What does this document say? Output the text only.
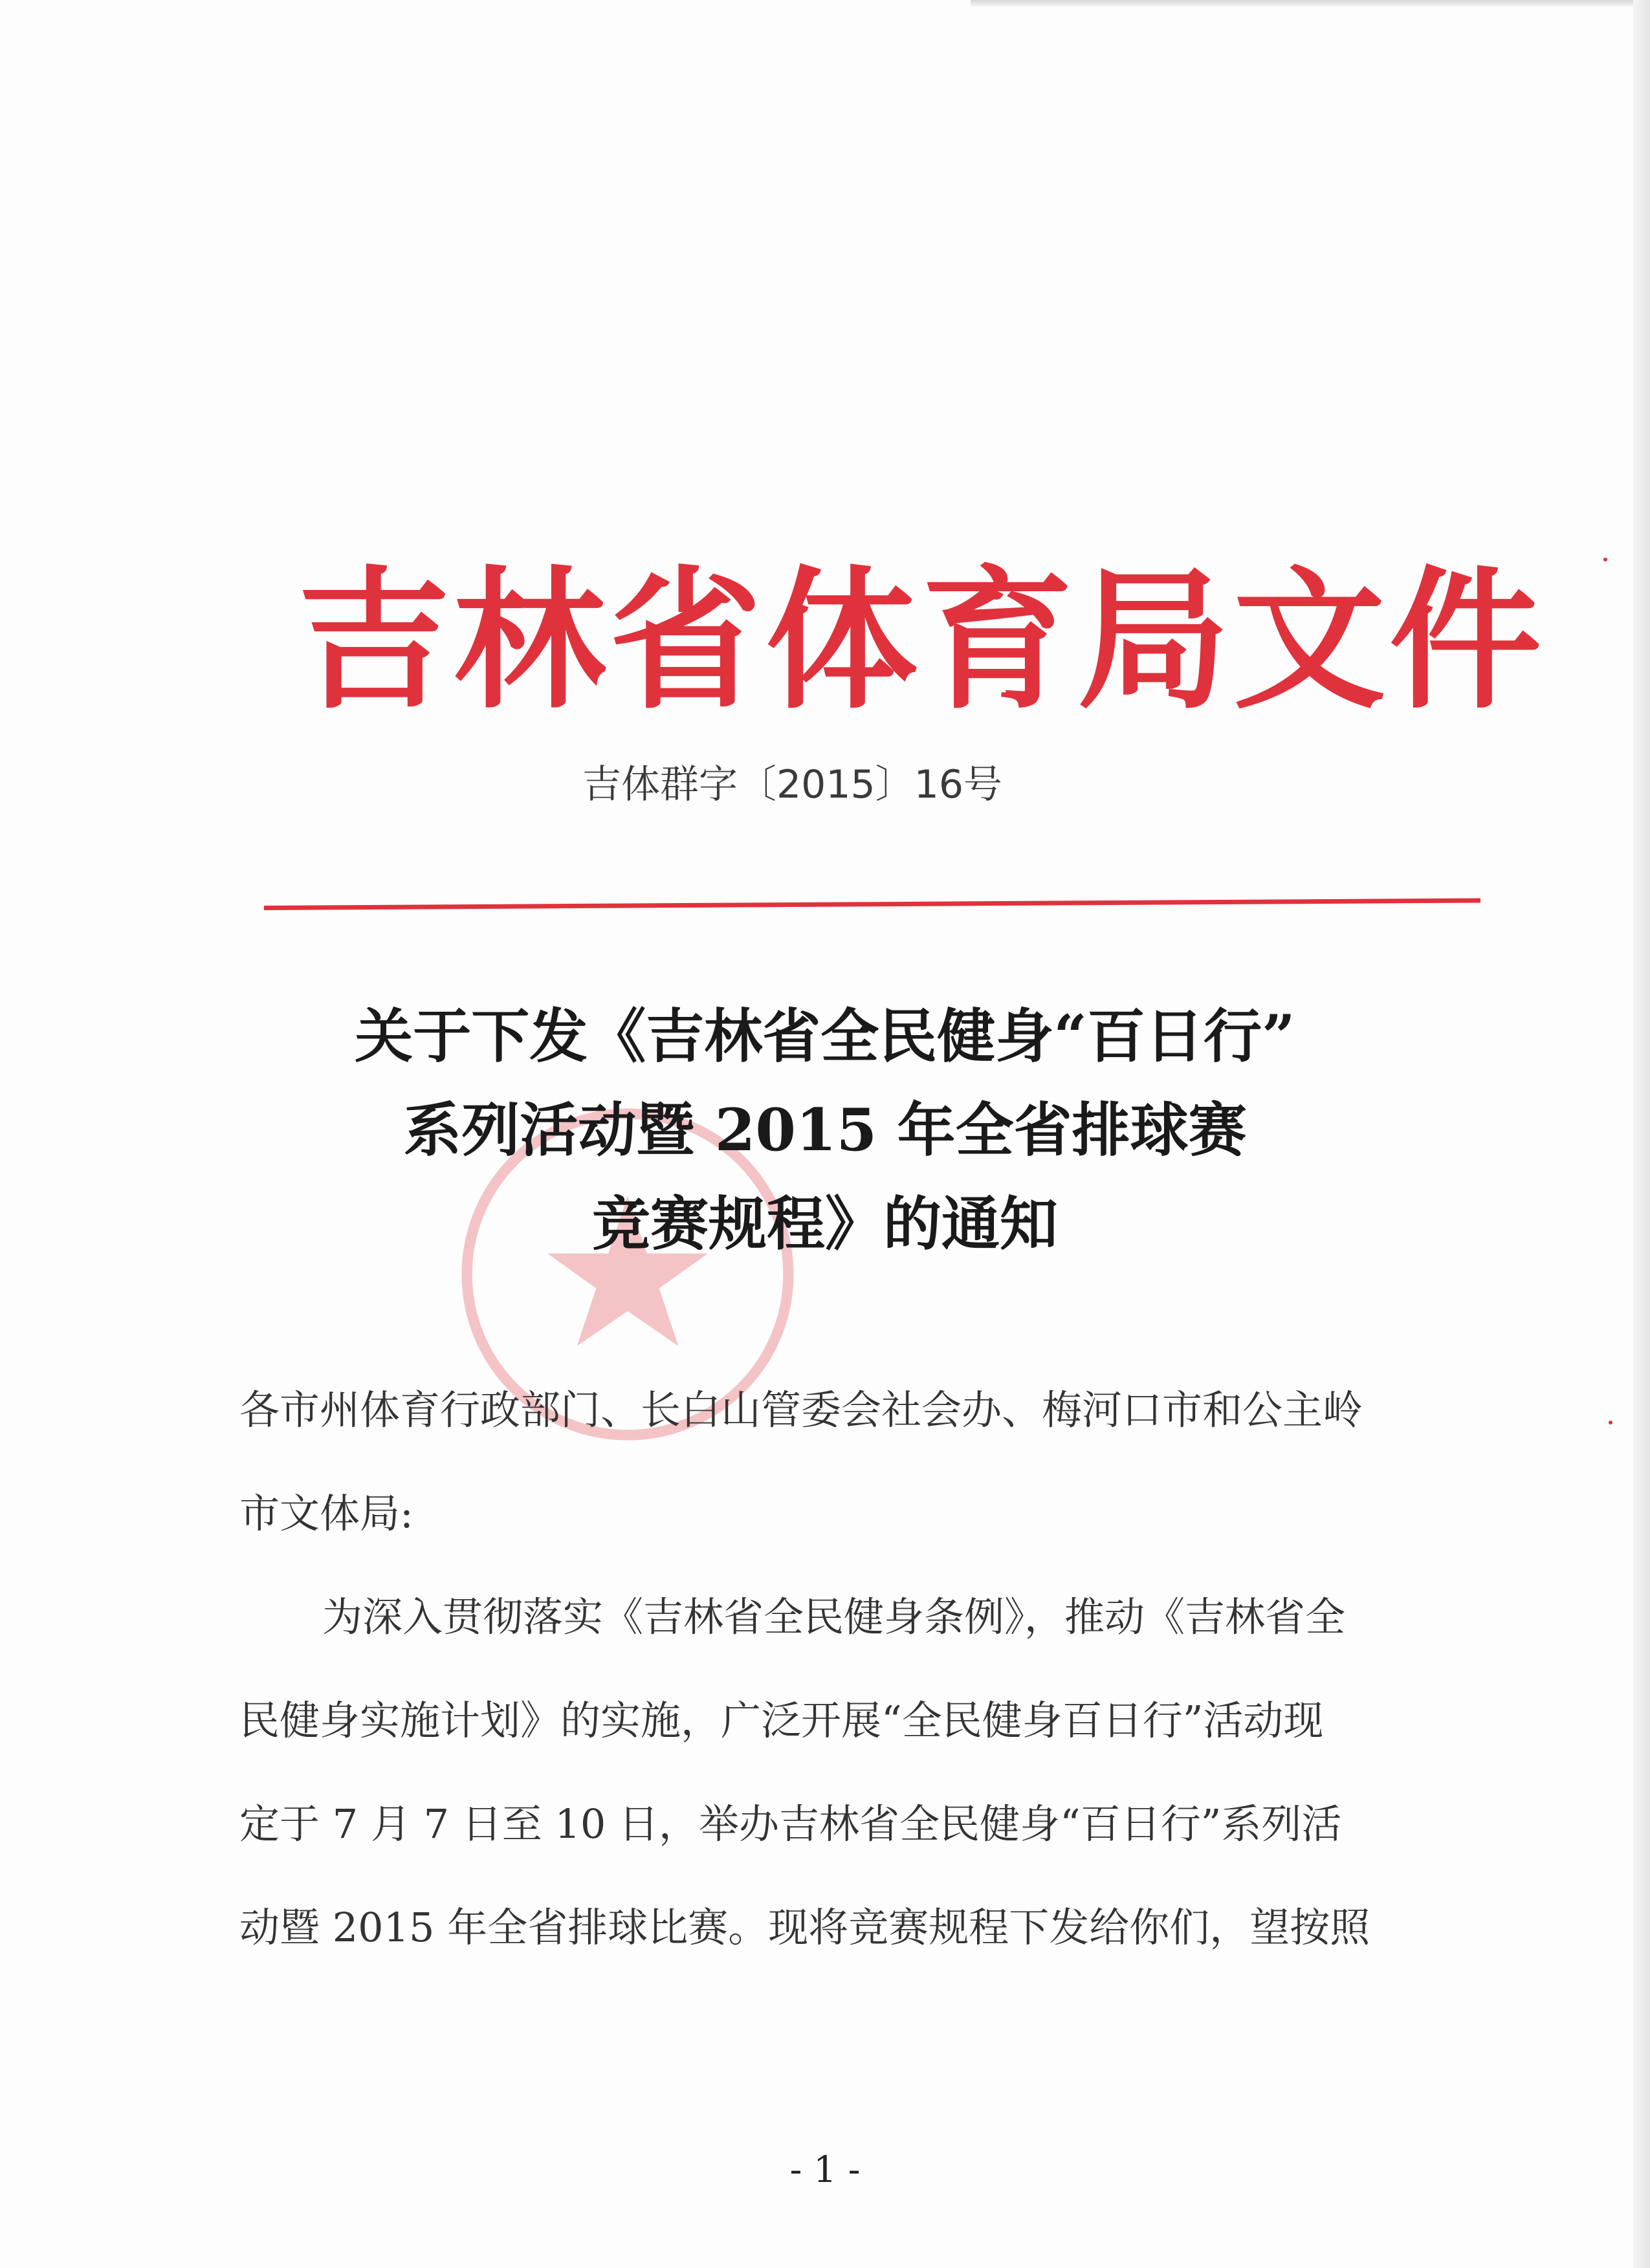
吉林省体育局文件
吉体群字〔2015〕16号
关于下发《吉林省全民健身“百日行”
系列活动暨 2015 年全省排球赛
竞赛规程》的通知
各市州体育行政部门、长白山管委会社会办、梅河口市和公主岭
市文体局:
为深入贯彻落实《吉林省全民健身条例》，推动《吉林省全
民健身实施计划》的实施，广泛开展“全民健身百日行”活动现
定于 7 月 7 日至 10 日，举办吉林省全民健身“百日行”系列活
动暨 2015 年全省排球比赛。现将竞赛规程下发给你们，望按照
- 1 -
